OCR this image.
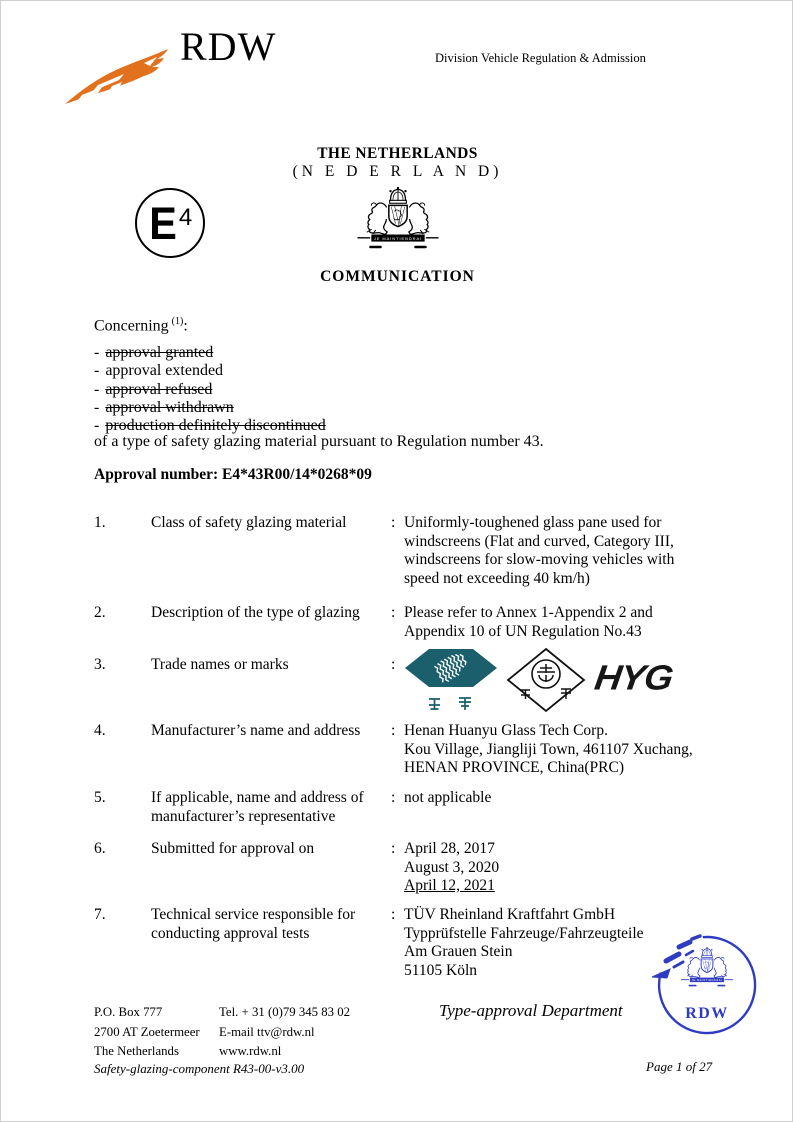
RDW	Division Vehicle Regulation & Admission
THE NETHERLANDS
(N E D E R L A N D)
E 4
COMMUNICATION
Concerning $^{(1)}$:
- approval granted
- approval extended
- approval refused
- approval withdrawn
- production definitely discontinued
of a type of safety glazing material pursuant to Regulation number 43.
Approval number: E4*43R00/14*0268*09
1.	Class of safety glazing material	: Uniformly-toughened glass pane used for
windscreens (Flat and curved, Category III,
windscreens for slow-moving vehicles with
speed not exceeding 40 km/h)
2.	Description of the type of glazing	: Please refer to Annex 1-Appendix 2 and
Appendix 10 of UN Regulation No.43
3.	Trade names or marks	:	HYG
4.	Manufacturer’s name and address	: Henan Huanyu Glass Tech Corp.
Kou Village, Jiangliji Town, 461107 Xuchang,
HENAN PROVINCE, China(PRC)
5.	If applicable, name and address of
manufacturer’s representative
: not applicable
6.	Submitted for approval on	: April 28, 2017
August 3, 2020
April 12, 2021
7.	Technical service responsible for
conducting approval tests
: TÜV Rheinland Kraftfahrt GmbH
Typprüfstelle Fahrzeuge/Fahrzeugteile
Am Grauen Stein
51105 Köln
P.O. Box 777
2700 AT Zoetermeer
The Netherlands
Tel. + 31 (0)79 345 83 02
E-mail ttv@rdw.nl
www.rdw.nl
Type-approval Department
Safety-glazing-component R43-00-v3.00	Page 1 of 27
RDW
